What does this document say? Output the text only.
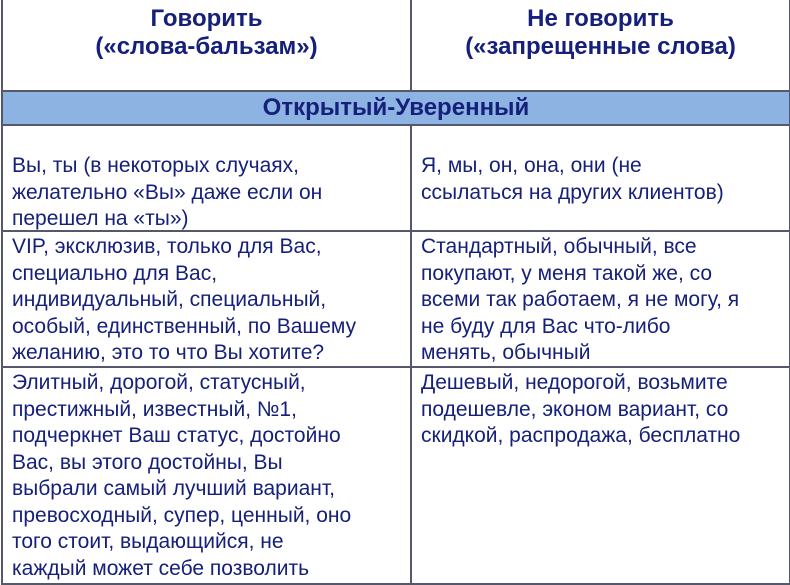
Говорить
(«слова-бальзам»)
Не говорить
(«запрещенные слова)
Открытый-Уверенный
Вы, ты (в некоторых случаях,
желательно «Вы» даже если он
перешел на «ты»)
Я, мы, он, она, они (не
ссылаться на других клиентов)
VIP, эксклюзив, только для Вас,
специально для Вас,
индивидуальный, специальный,
особый, единственный, по Вашему
желанию, это то что Вы хотите?
Стандартный, обычный, все
покупают, у меня такой же, со
всеми так работаем, я не могу, я
не буду для Вас что-либо
менять, обычный
Элитный, дорогой, статусный,
престижный, известный, №1,
подчеркнет Ваш статус, достойно
Вас, вы этого достойны, Вы
выбрали самый лучший вариант,
превосходный, супер, ценный, оно
того стоит, выдающийся, не
каждый может себе позволить
Дешевый, недорогой, возьмите
подешевле, эконом вариант, со
скидкой, распродажа, бесплатно
